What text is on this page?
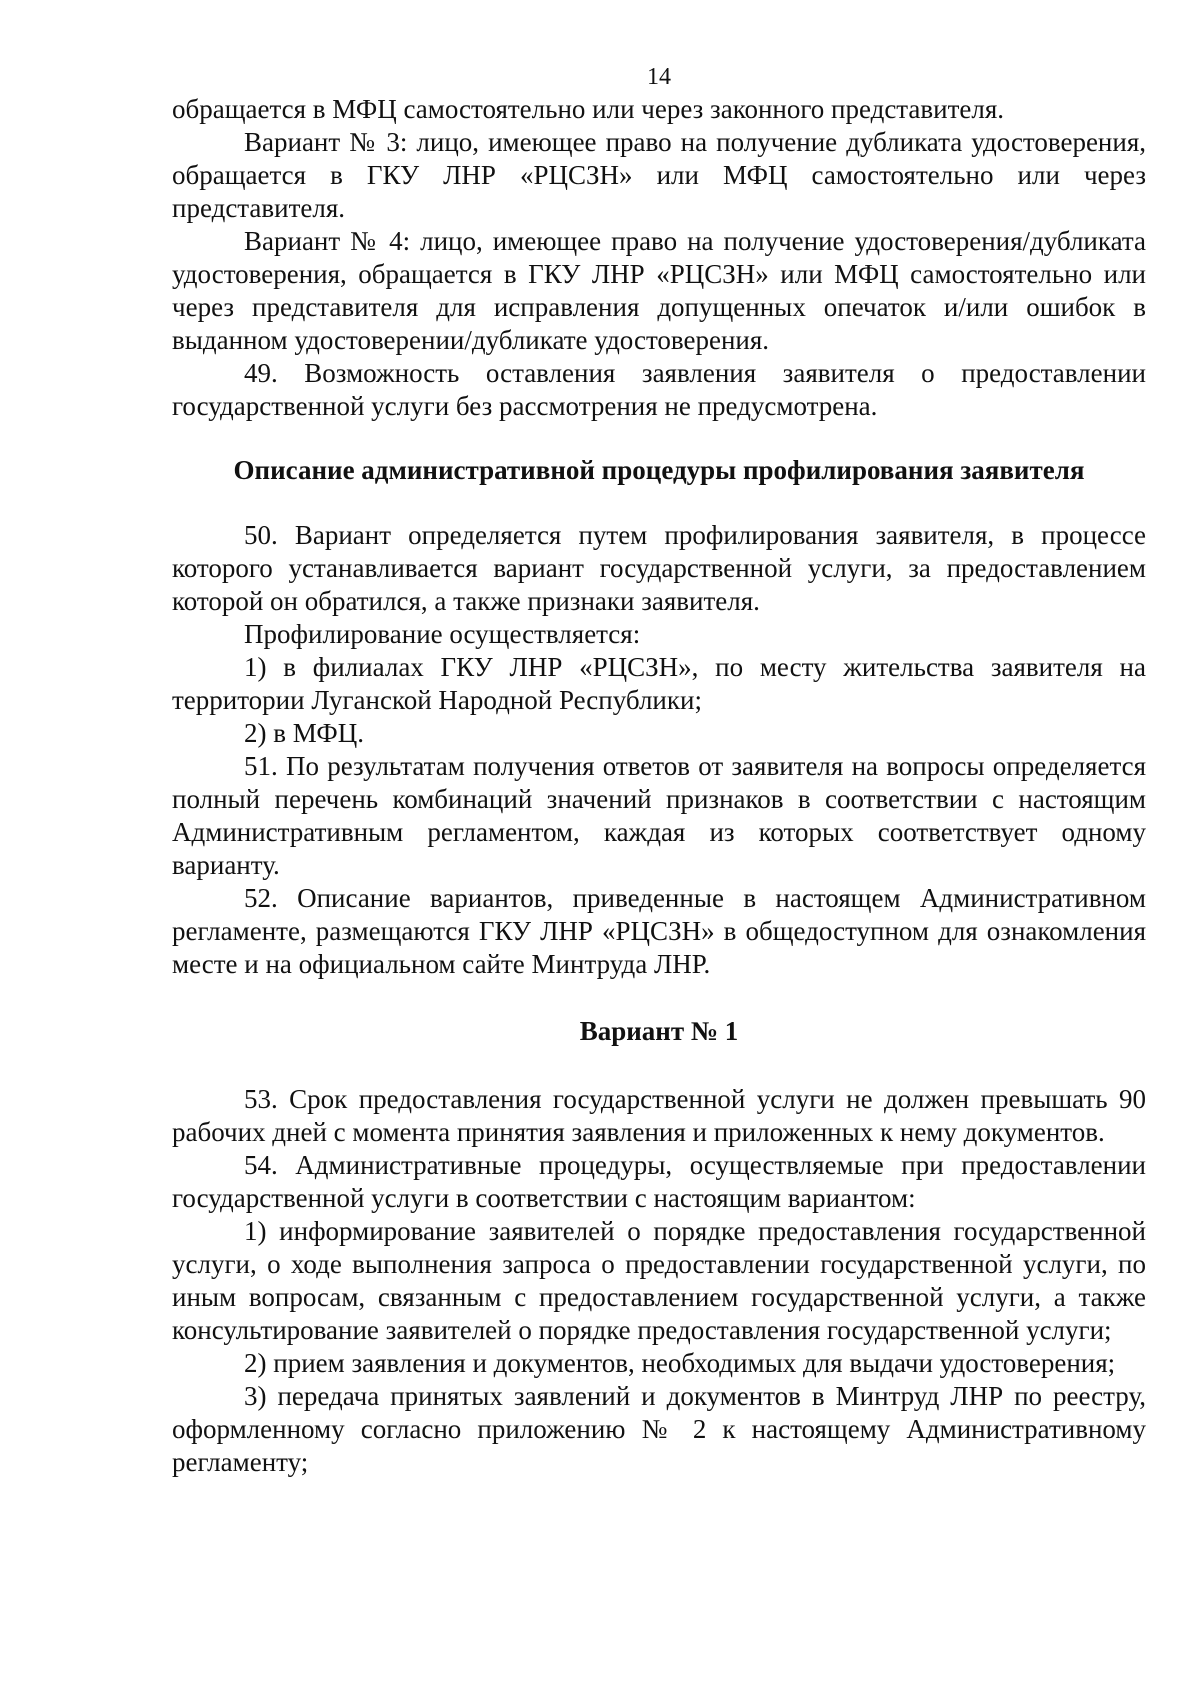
14

обращается в МФЦ самостоятельно или через законного представителя.

Вариант № 3: лицо, имеющее право на получение дубликата удостоверения, обращается в ГКУ ЛНР «РЦСЗН» или МФЦ самостоятельно или через представителя.

Вариант № 4: лицо, имеющее право на получение удостоверения/дубликата удостоверения, обращается в ГКУ ЛНР «РЦСЗН» или МФЦ самостоятельно или через представителя для исправления допущенных опечаток и/или ошибок в выданном удостоверении/дубликате удостоверения.

49. Возможность оставления заявления заявителя о предоставлении государственной услуги без рассмотрения не предусмотрена.

Описание административной процедуры профилирования заявителя

50. Вариант определяется путем профилирования заявителя, в процессе которого устанавливается вариант государственной услуги, за предоставлением которой он обратился, а также признаки заявителя.

Профилирование осуществляется:

1) в филиалах ГКУ ЛНР «РЦСЗН», по месту жительства заявителя на территории Луганской Народной Республики;

2) в МФЦ.

51. По результатам получения ответов от заявителя на вопросы определяется полный перечень комбинаций значений признаков в соответствии с настоящим Административным регламентом, каждая из которых соответствует одному варианту.

52. Описание вариантов, приведенные в настоящем Административном регламенте, размещаются ГКУ ЛНР «РЦСЗН» в общедоступном для ознакомления месте и на официальном сайте Минтруда ЛНР.

Вариант № 1

53. Срок предоставления государственной услуги не должен превышать 90 рабочих дней с момента принятия заявления и приложенных к нему документов.

54. Административные процедуры, осуществляемые при предоставлении государственной услуги в соответствии с настоящим вариантом:

1) информирование заявителей о порядке предоставления государственной услуги, о ходе выполнения запроса о предоставлении государственной услуги, по иным вопросам, связанным с предоставлением государственной услуги, а также консультирование заявителей о порядке предоставления государственной услуги;

2) прием заявления и документов, необходимых для выдачи удостоверения;

3) передача принятых заявлений и документов в Минтруд ЛНР по реестру, оформленному согласно приложению № 2 к настоящему Административному регламенту;
